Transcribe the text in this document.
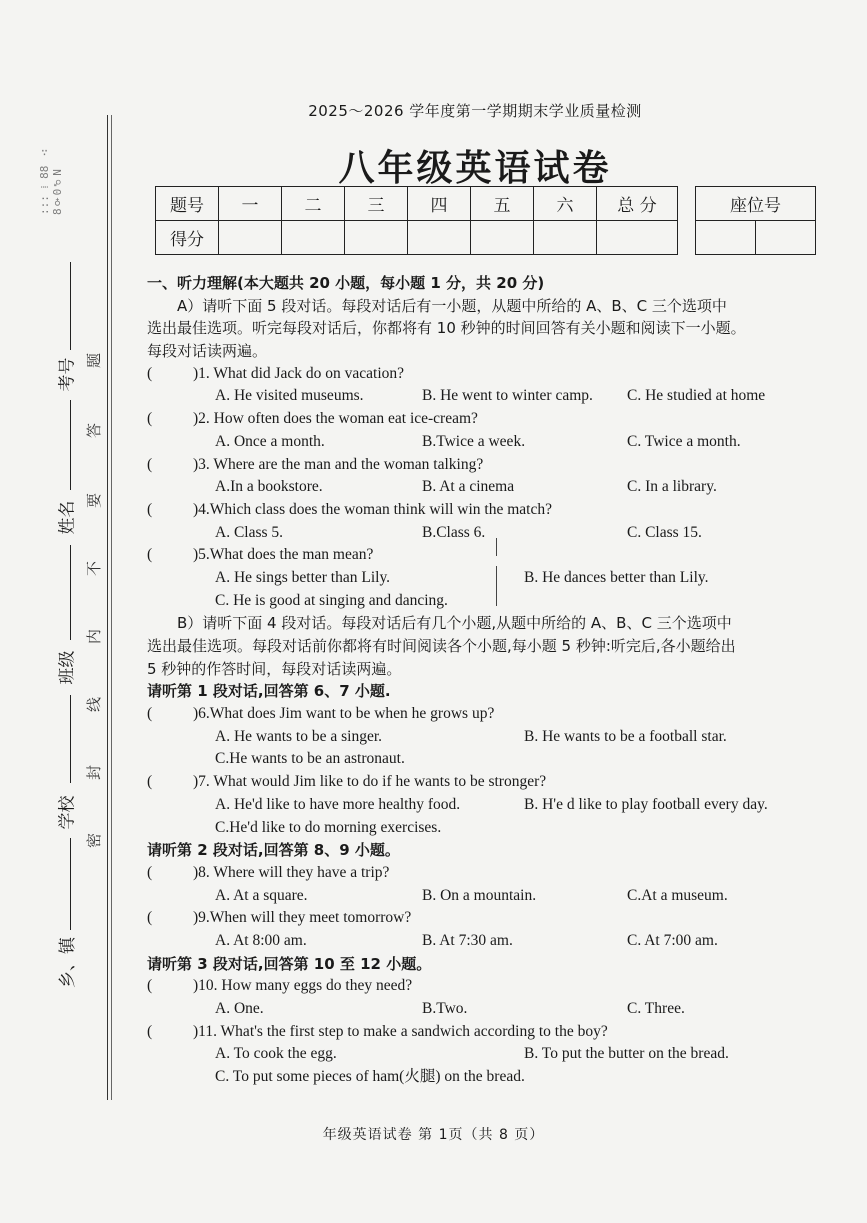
::: ⁞ 88 ∴ 8♀0♂N
考号
姓名
班级
学校
乡、镇
题
答
要
不
内
线
封
密
2025～2026 学年度第一学期期末学业质量检测
八年级英语试卷
题号	一	二	三	四	五	六	总 分
得分							
座位号

一、听力理解(本大题共 20 小题，每小题 1 分，共 20 分)
A）请听下面 5 段对话。每段对话后有一小题，从题中所给的 A、B、C 三个选项中
选出最佳选项。听完每段对话后，你都将有 10 秒钟的时间回答有关小题和阅读下一小题。
每段对话读两遍。
(	)1. What did Jack do on vacation?
A. He visited museums.	B. He went to winter camp. C. He studied at home
(	)2. How often does the woman eat ice-cream?
A. Once a month.	B.Twice a week.	C. Twice a month.
(	)3. Where are the man and the woman talking?
A.In a bookstore.	B. At a cinema	C. In a library.
(	)4.Which class does the woman think will win the match?
A. Class 5.	B.Class 6.	C. Class 15.
(	)5.What does the man mean?
A. He sings better than Lily.	B. He dances better than Lily.
C. He is good at singing and dancing.
B）请听下面 4 段对话。每段对话后有几个小题,从题中所给的 A、B、C 三个选项中
选出最佳选项。每段对话前你都将有时间阅读各个小题,每小题 5 秒钟:听完后,各小题给出
5 秒钟的作答时间，每段对话读两遍。
请听第 1 段对话,回答第 6、7 小题.
(	)6.What does Jim want to be when he grows up?
A. He wants to be a singer.	B. He wants to be a football star.
C.He wants to be an astronaut.
(	)7. What would Jim like to do if he wants to be stronger?
A. He'd like to have more healthy food.	B. H'e d like to play football every day.
C.He'd like to do morning exercises.
请听第 2 段对话,回答第 8、9 小题。
(	)8. Where will they have a trip?
A. At a square.	B. On a mountain.	C.At a museum.
(	)9.When will they meet tomorrow?
A. At 8:00 am.	B. At 7:30 am.	C. At 7:00 am.
请听第 3 段对话,回答第 10 至 12 小题。
(	)10. How many eggs do they need?
A. One.	B.Two.	C. Three.
(	)11. What's the first step to make a sandwich according to the boy?
A. To cook the egg.	B. To put the butter on the bread.
C. To put some pieces of ham(火腿) on the bread.
年级英语试卷 第 1页（共 8 页）
